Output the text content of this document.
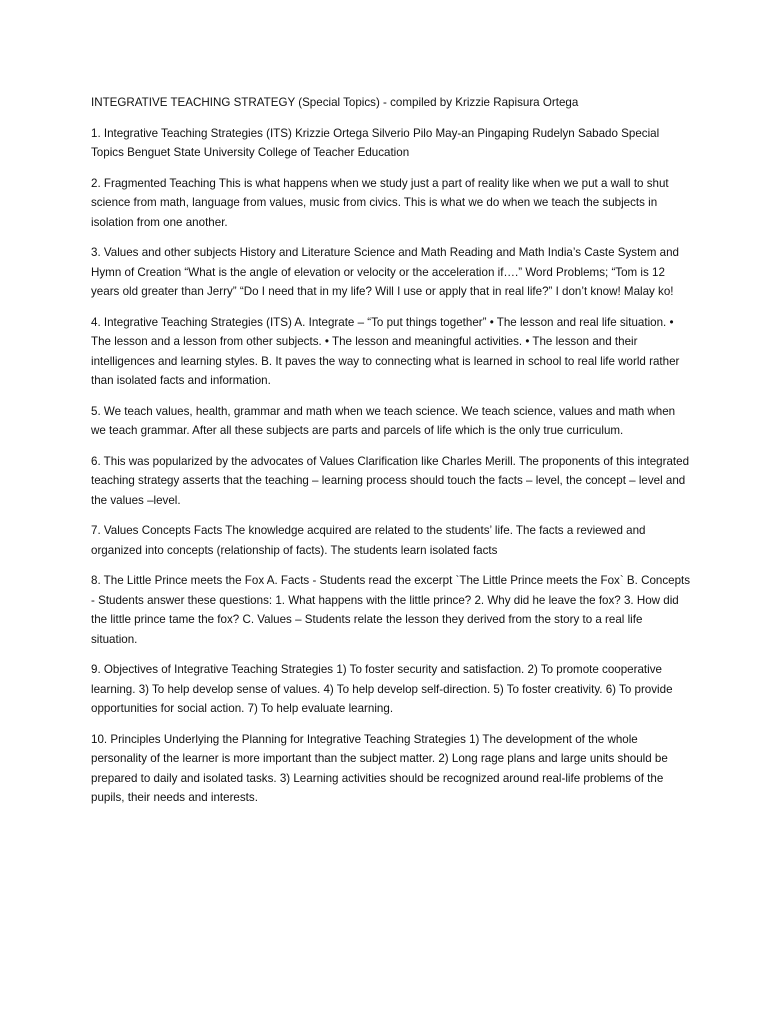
INTEGRATIVE TEACHING STRATEGY (Special Topics) - compiled by Krizzie Rapisura Ortega

1. Integrative Teaching Strategies (ITS) Krizzie Ortega Silverio Pilo May-an Pingaping Rudelyn Sabado Special Topics Benguet State University College of Teacher Education

2. Fragmented Teaching This is what happens when we study just a part of reality like when we put a wall to shut science from math, language from values, music from civics. This is what we do when we teach the subjects in isolation from one another.

3. Values and other subjects History and Literature Science and Math Reading and Math India’s Caste System and Hymn of Creation “What is the angle of elevation or velocity or the acceleration if….” Word Problems; “Tom is 12 years old greater than Jerry” “Do I need that in my life? Will I use or apply that in real life?” I don’t know! Malay ko!

4. Integrative Teaching Strategies (ITS) A. Integrate – “To put things together” • The lesson and real life situation. • The lesson and a lesson from other subjects. • The lesson and meaningful activities. • The lesson and their intelligences and learning styles. B. It paves the way to connecting what is learned in school to real life world rather than isolated facts and information.

5. We teach values, health, grammar and math when we teach science. We teach science, values and math when we teach grammar. After all these subjects are parts and parcels of life which is the only true curriculum.

6. This was popularized by the advocates of Values Clarification like Charles Merill. The proponents of this integrated teaching strategy asserts that the teaching – learning process should touch the facts – level, the concept – level and the values –level.

7. Values Concepts Facts The knowledge acquired are related to the students’ life. The facts a reviewed and organized into concepts (relationship of facts). The students learn isolated facts

8. The Little Prince meets the Fox A. Facts - Students read the excerpt `The Little Prince meets the Fox` B. Concepts - Students answer these questions: 1. What happens with the little prince? 2. Why did he leave the fox? 3. How did the little prince tame the fox? C. Values – Students relate the lesson they derived from the story to a real life situation.

9. Objectives of Integrative Teaching Strategies 1) To foster security and satisfaction. 2) To promote cooperative learning. 3) To help develop sense of values. 4) To help develop self-direction. 5) To foster creativity. 6) To provide opportunities for social action. 7) To help evaluate learning.

10. Principles Underlying the Planning for Integrative Teaching Strategies 1) The development of the whole personality of the learner is more important than the subject matter. 2) Long rage plans and large units should be prepared to daily and isolated tasks. 3) Learning activities should be recognized around real-life problems of the pupils, their needs and interests.
